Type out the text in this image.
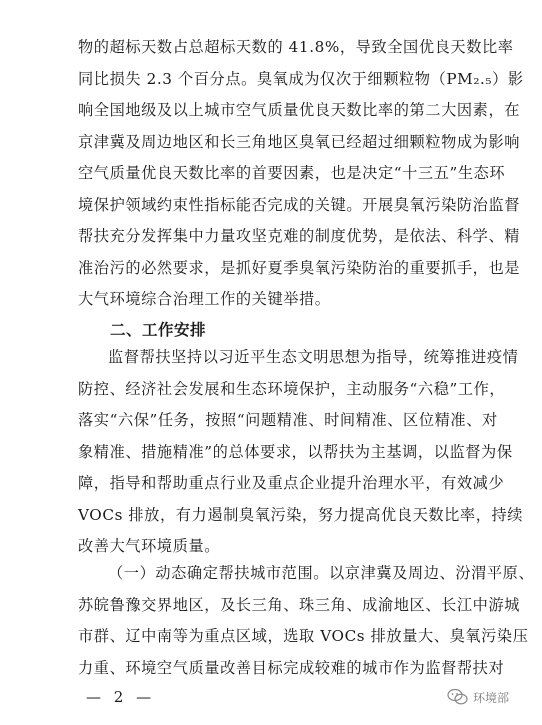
物的超标天数占总超标天数的 41.8%，导致全国优良天数比率
同比损失 2.3 个百分点。臭氧成为仅次于细颗粒物（PM₂.₅）影
响全国地级及以上城市空气质量优良天数比率的第二大因素，在
京津冀及周边地区和长三角地区臭氧已经超过细颗粒物成为影响
空气质量优良天数比率的首要因素，也是决定“十三五”生态环
境保护领域约束性指标能否完成的关键。开展臭氧污染防治监督
帮扶充分发挥集中力量攻坚克难的制度优势，是依法、科学、精
准治污的必然要求，是抓好夏季臭氧污染防治的重要抓手，也是
大气环境综合治理工作的关键举措。
二、工作安排
监督帮扶坚持以习近平生态文明思想为指导，统筹推进疫情
防控、经济社会发展和生态环境保护，主动服务“六稳”工作，
落实“六保”任务，按照“问题精准、时间精准、区位精准、对
象精准、措施精准”的总体要求，以帮扶为主基调，以监督为保
障，指导和帮助重点行业及重点企业提升治理水平，有效减少
VOCs 排放，有力遏制臭氧污染，努力提高优良天数比率，持续
改善大气环境质量。
（一）动态确定帮扶城市范围。以京津冀及周边、汾渭平原、
苏皖鲁豫交界地区，及长三角、珠三角、成渝地区、长江中游城
市群、辽中南等为重点区域，选取 VOCs 排放量大、臭氧污染压
力重、环境空气质量改善目标完成较难的城市作为监督帮扶对
— 2 —	环境部
